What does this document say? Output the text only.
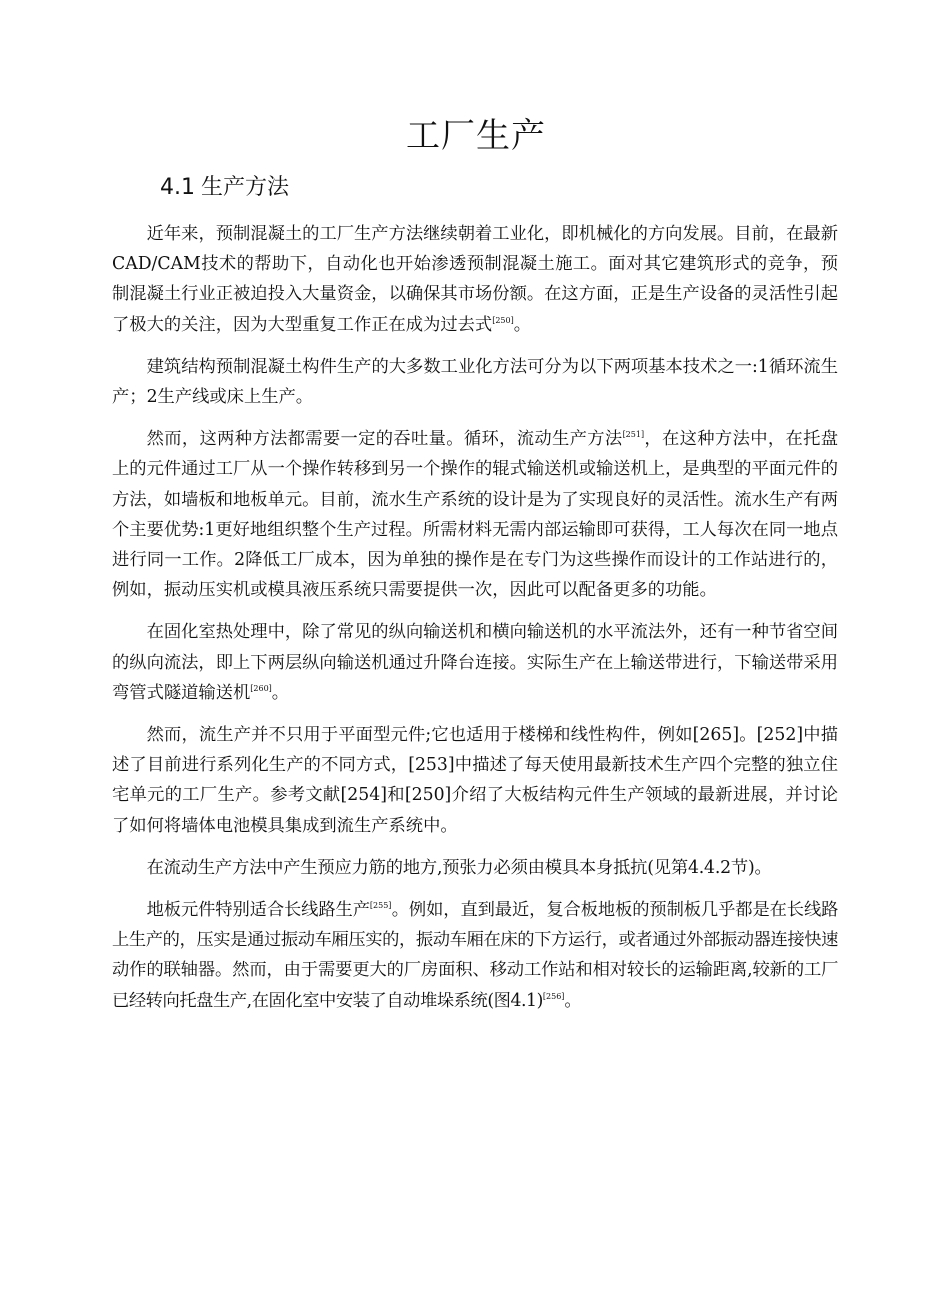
工厂生产
4.1 生产方法

近年来，预制混凝土的工厂生产方法继续朝着工业化，即机械化的方向发展。目前，在最新CAD/CAM技术的帮助下，自动化也开始渗透预制混凝土施工。面对其它建筑形式的竞争，预制混凝土行业正被迫投入大量资金，以确保其市场份额。在这方面，正是生产设备的灵活性引起了极大的关注，因为大型重复工作正在成为过去式[250]。

建筑结构预制混凝土构件生产的大多数工业化方法可分为以下两项基本技术之一:1循环流生产；2生产线或床上生产。

然而，这两种方法都需要一定的吞吐量。循环，流动生产方法[251]，在这种方法中，在托盘上的元件通过工厂从一个操作转移到另一个操作的辊式输送机或输送机上，是典型的平面元件的方法，如墙板和地板单元。目前，流水生产系统的设计是为了实现良好的灵活性。流水生产有两个主要优势:1更好地组织整个生产过程。所需材料无需内部运输即可获得，工人每次在同一地点进行同一工作。2降低工厂成本，因为单独的操作是在专门为这些操作而设计的工作站进行的，例如，振动压实机或模具液压系统只需要提供一次，因此可以配备更多的功能。

在固化室热处理中，除了常见的纵向输送机和横向输送机的水平流法外，还有一种节省空间的纵向流法，即上下两层纵向输送机通过升降台连接。实际生产在上输送带进行，下输送带采用弯管式隧道输送机[260]。

然而，流生产并不只用于平面型元件;它也适用于楼梯和线性构件，例如[265]。[252]中描述了目前进行系列化生产的不同方式，[253]中描述了每天使用最新技术生产四个完整的独立住宅单元的工厂生产。参考文献[254]和[250]介绍了大板结构元件生产领域的最新进展，并讨论了如何将墙体电池模具集成到流生产系统中。

在流动生产方法中产生预应力筋的地方,预张力必须由模具本身抵抗(见第4.4.2节)。

地板元件特别适合长线路生产[255]。例如，直到最近，复合板地板的预制板几乎都是在长线路上生产的，压实是通过振动车厢压实的，振动车厢在床的下方运行，或者通过外部振动器连接快速动作的联轴器。然而，由于需要更大的厂房面积、移动工作站和相对较长的运输距离,较新的工厂已经转向托盘生产,在固化室中安装了自动堆垛系统(图4.1)[256]。
